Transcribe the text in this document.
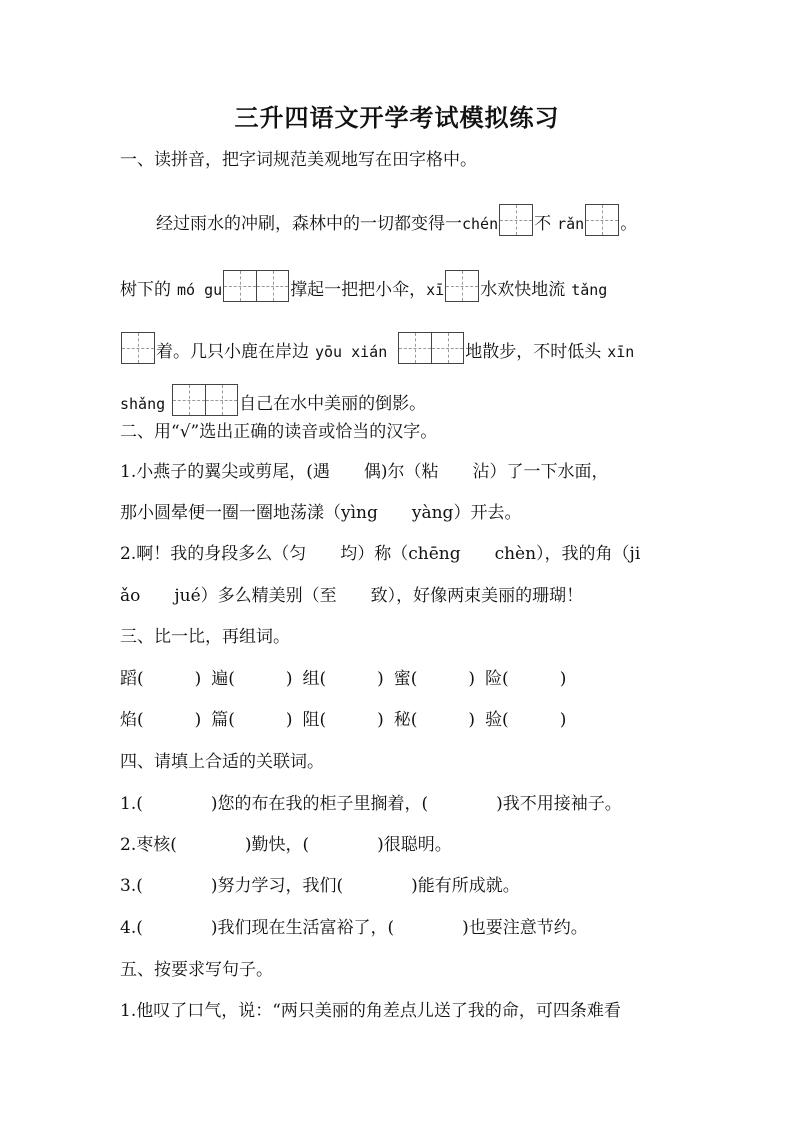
三升四语文开学考试模拟练习
一、读拼音，把字词规范美观地写在田字格中。
经过雨水的冲刷，森林中的一切都变得一chén 不 rǎn 。
树下的 mó gu	撑起一把把小伞，xī 水欢快地流 tǎng
着。几只小鹿在岸边 yōu xián	地散步，不时低头 xīn
shǎng	自己在水中美丽的倒影。
二、用“√”选出正确的读音或恰当的汉字。
1.小燕子的翼尖或剪尾，(遇　　偶)尔（粘　　沾）了一下水面，
那小圆晕便一圈一圈地荡漾（yìng　　yàng）开去。
2.啊！我的身段多么（匀　　均）称（chēng　　chèn），我的角（ji
ǎo　　jué）多么精美别（至　　致），好像两束美丽的珊瑚！
三、比一比，再组词。
蹈(　　　) 遍(　　　) 组(　　　) 蜜(　　　) 险(　　　)
焰(　　　) 篇(　　　) 阻(　　　) 秘(　　　) 验(　　　)
四、请填上合适的关联词。
1.(　　　　)您的布在我的柜子里搁着，(　　　　)我不用接袖子。
2.枣核(　　　　)勤快，(　　　　)很聪明。
3.(　　　　)努力学习，我们(　　　　)能有所成就。
4.(　　　　)我们现在生活富裕了，(　　　　)也要注意节约。
五、按要求写句子。
1.他叹了口气，说：“两只美丽的角差点儿送了我的命，可四条难看
